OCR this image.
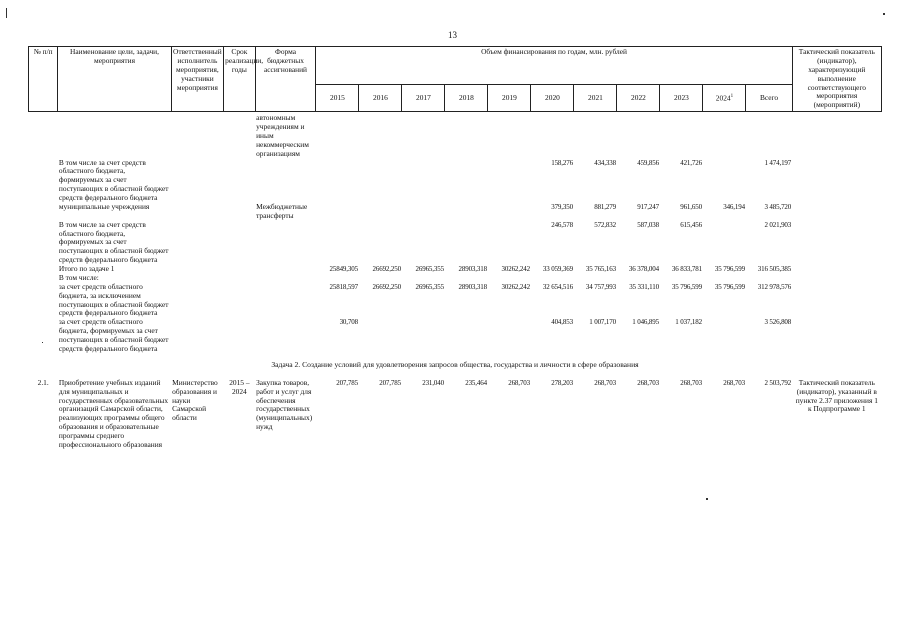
13
№ п/п	Наименование цели, задачи, мероприятия	Ответственный исполнитель мероприятия, участники мероприятия	Срок реализации, годы	Форма бюджетных ассигнований	Объем финансирования по годам, млн. рублей											Тактический показатель (индикатор), характеризующий выполнение соответствующего мероприятия (мероприятий)
					2015	2016	2017	2018	2019	2020	2021	2022	2023	2024$^1$	Всего	
				автономным учреждениям и иным некоммерческим организациям												
	В том числе за счет средств областного бюджета, формируемых за счет поступающих в областной бюджет средств федерального бюджета									158,276	434,338	459,856	421,726		1 474,197	
	муниципальные учреждения			Межбюджетные трансферты						379,350	881,279	917,247	961,650	346,194	3 485,720	
	В том числе за счет средств областного бюджета, формируемых за счет поступающих в областной бюджет средств федерального бюджета									246,578	572,832	587,038	615,456		2 021,903	
	Итого по задаче 1				25849,305	26692,250	26965,355	28903,318	30262,242	33 059,369	35 765,163	36 378,004	36 833,781	35 796,599	316 505,385	
	В том числе:															
	за счет средств областного бюджета, за исключением поступающих в областной бюджет средств федерального бюджета				25818,597	26692,250	26965,355	28903,318	30262,242	32 654,516	34 757,993	35 331,110	35 796,599	35 796,599	312 978,576	
	за счет средств областного бюджета, формируемых за счет поступающих в областной бюджет средств федерального бюджета				30,708					404,853	1 007,170	1 046,895	1 037,182		3 526,808	
Задача 2. Создание условий для удовлетворения запросов общества, государства и личности в сфере образования																
2.1.	Приобретение учебных изданий для муниципальных и государственных образовательных организаций Самарской области, реализующих программы общего образования и образовательные программы среднего профессионального образования	Министерство образования и науки Самарской области	2015 – 2024	Закупка товаров, работ и услуг для обеспечения государственных (муниципальных) нужд	207,785	207,785	231,040	235,464	268,703	278,203	268,703	268,703	268,703	268,703	2 503,792	Тактический показатель (индикатор), указанный в пункте 2.37 приложения 1 к Подпрограмме 1
